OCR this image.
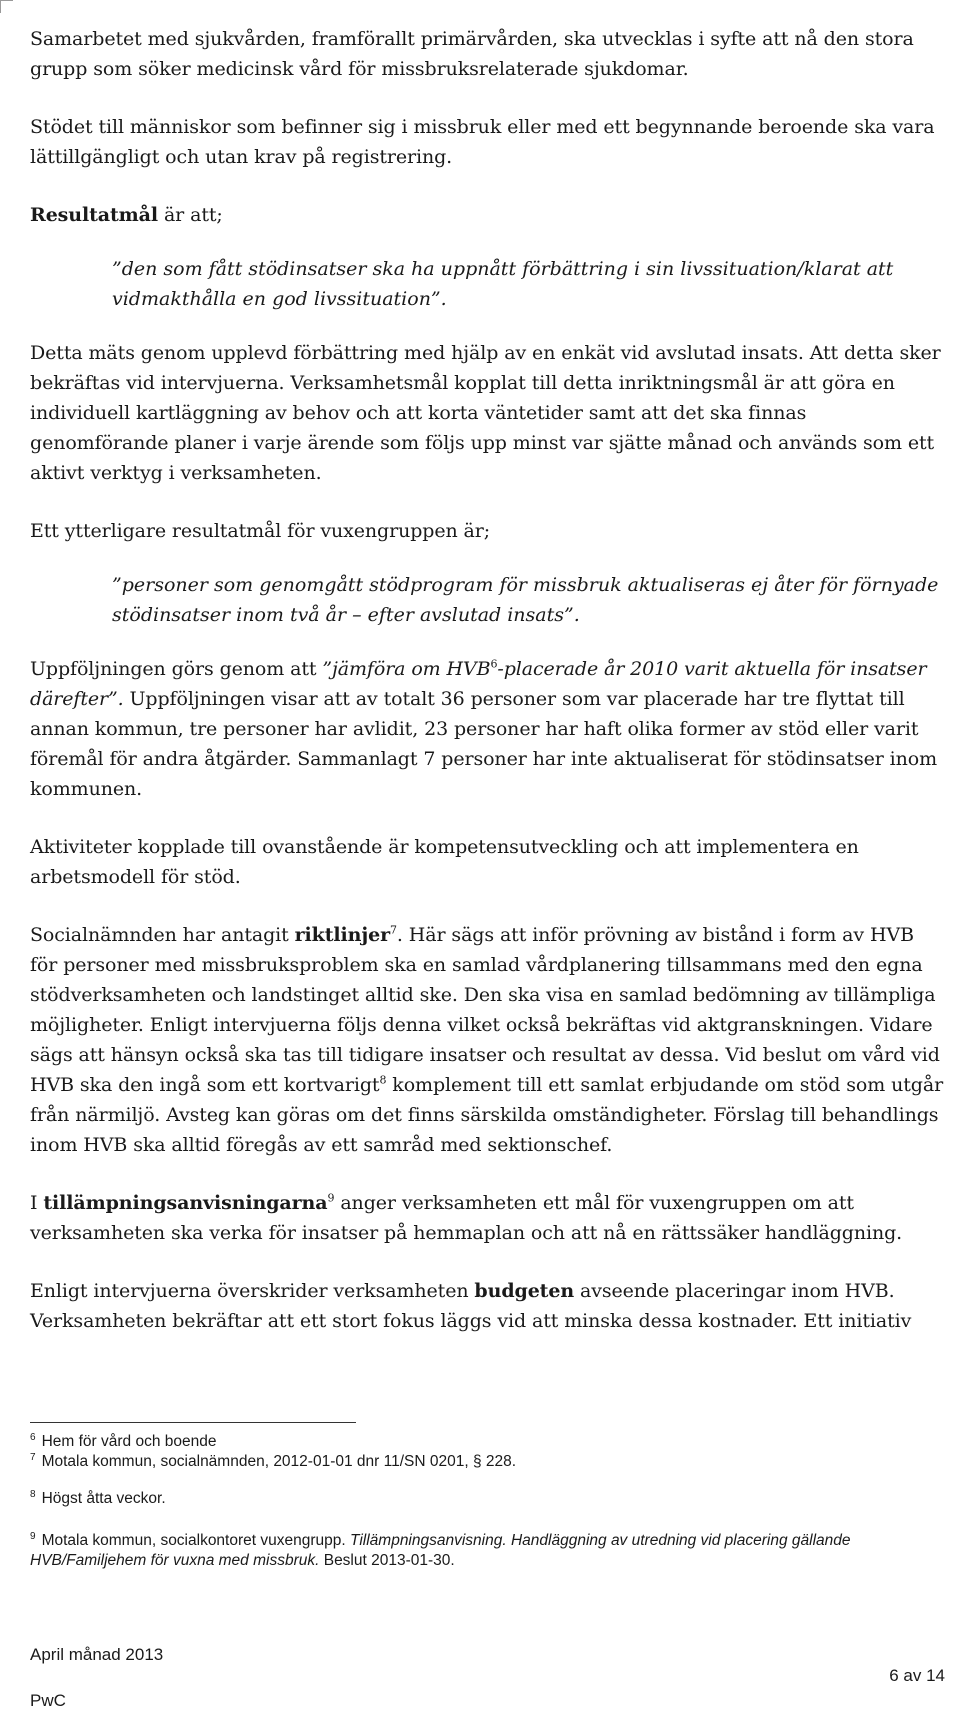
Samarbetet med sjukvården, framförallt primärvården, ska utvecklas i syfte att nå den stora grupp som söker medicinsk vård för missbruksrelaterade sjukdomar.

Stödet till människor som befinner sig i missbruk eller med ett begynnande beroende ska vara lättillgängligt och utan krav på registrering.

Resultatmål är att;

”den som fått stödinsatser ska ha uppnått förbättring i sin livssituation/klarat att vidmakthålla en god livssituation”.

Detta mäts genom upplevd förbättring med hjälp av en enkät vid avslutad insats. Att detta sker bekräftas vid intervjuerna. Verksamhetsmål kopplat till detta inriktningsmål är att göra en individuell kartläggning av behov och att korta väntetider samt att det ska finnas genomförande planer i varje ärende som följs upp minst var sjätte månad och används som ett aktivt verktyg i verksamheten.

Ett ytterligare resultatmål för vuxengruppen är;

”personer som genomgått stödprogram för missbruk aktualiseras ej åter för förnyade stödinsatser inom två år – efter avslutad insats”.

Uppföljningen görs genom att ”jämföra om HVB$^6$-placerade år 2010 varit aktuella för insatser därefter”. Uppföljningen visar att av totalt 36 personer som var placerade har tre flyttat till annan kommun, tre personer har avlidit, 23 personer har haft olika former av stöd eller varit föremål för andra åtgärder. Sammanlagt 7 personer har inte aktualiserat för stödinsatser inom kommunen.

Aktiviteter kopplade till ovanstående är kompetensutveckling och att implementera en arbetsmodell för stöd.

Socialnämnden har antagit riktlinjer$^7$. Här sägs att inför prövning av bistånd i form av HVB för personer med missbruksproblem ska en samlad vårdplanering tillsammans med den egna stödverksamheten och landstinget alltid ske. Den ska visa en samlad bedömning av tillämpliga möjligheter. Enligt intervjuerna följs denna vilket också bekräftas vid aktgranskningen. Vidare sägs att hänsyn också ska tas till tidigare insatser och resultat av dessa. Vid beslut om vård vid HVB ska den ingå som ett kortvarigt$^8$ komplement till ett samlat erbjudande om stöd som utgår från närmiljö. Avsteg kan göras om det finns särskilda omständigheter. Förslag till behandlings inom HVB ska alltid föregås av ett samråd med sektionschef.

I tillämpningsanvisningarna$^9$ anger verksamheten ett mål för vuxengruppen om att verksamheten ska verka för insatser på hemmaplan och att nå en rättssäker handläggning.

Enligt intervjuerna överskrider verksamheten budgeten avseende placeringar inom HVB. Verksamheten bekräftar att ett stort fokus läggs vid att minska dessa kostnader. Ett initiativ

$^6$ Hem för vård och boende

$^7$ Motala kommun, socialnämnden, 2012-01-01 dnr 11/SN 0201, § 228.

$^8$ Högst åtta veckor.

$^9$ Motala kommun, socialkontoret vuxengrupp. Tillämpningsanvisning. Handläggning av utredning vid placering gällande HVB/Familjehem för vuxna med missbruk. Beslut 2013-01-30.

April månad 2013
PwC
6 av 14
